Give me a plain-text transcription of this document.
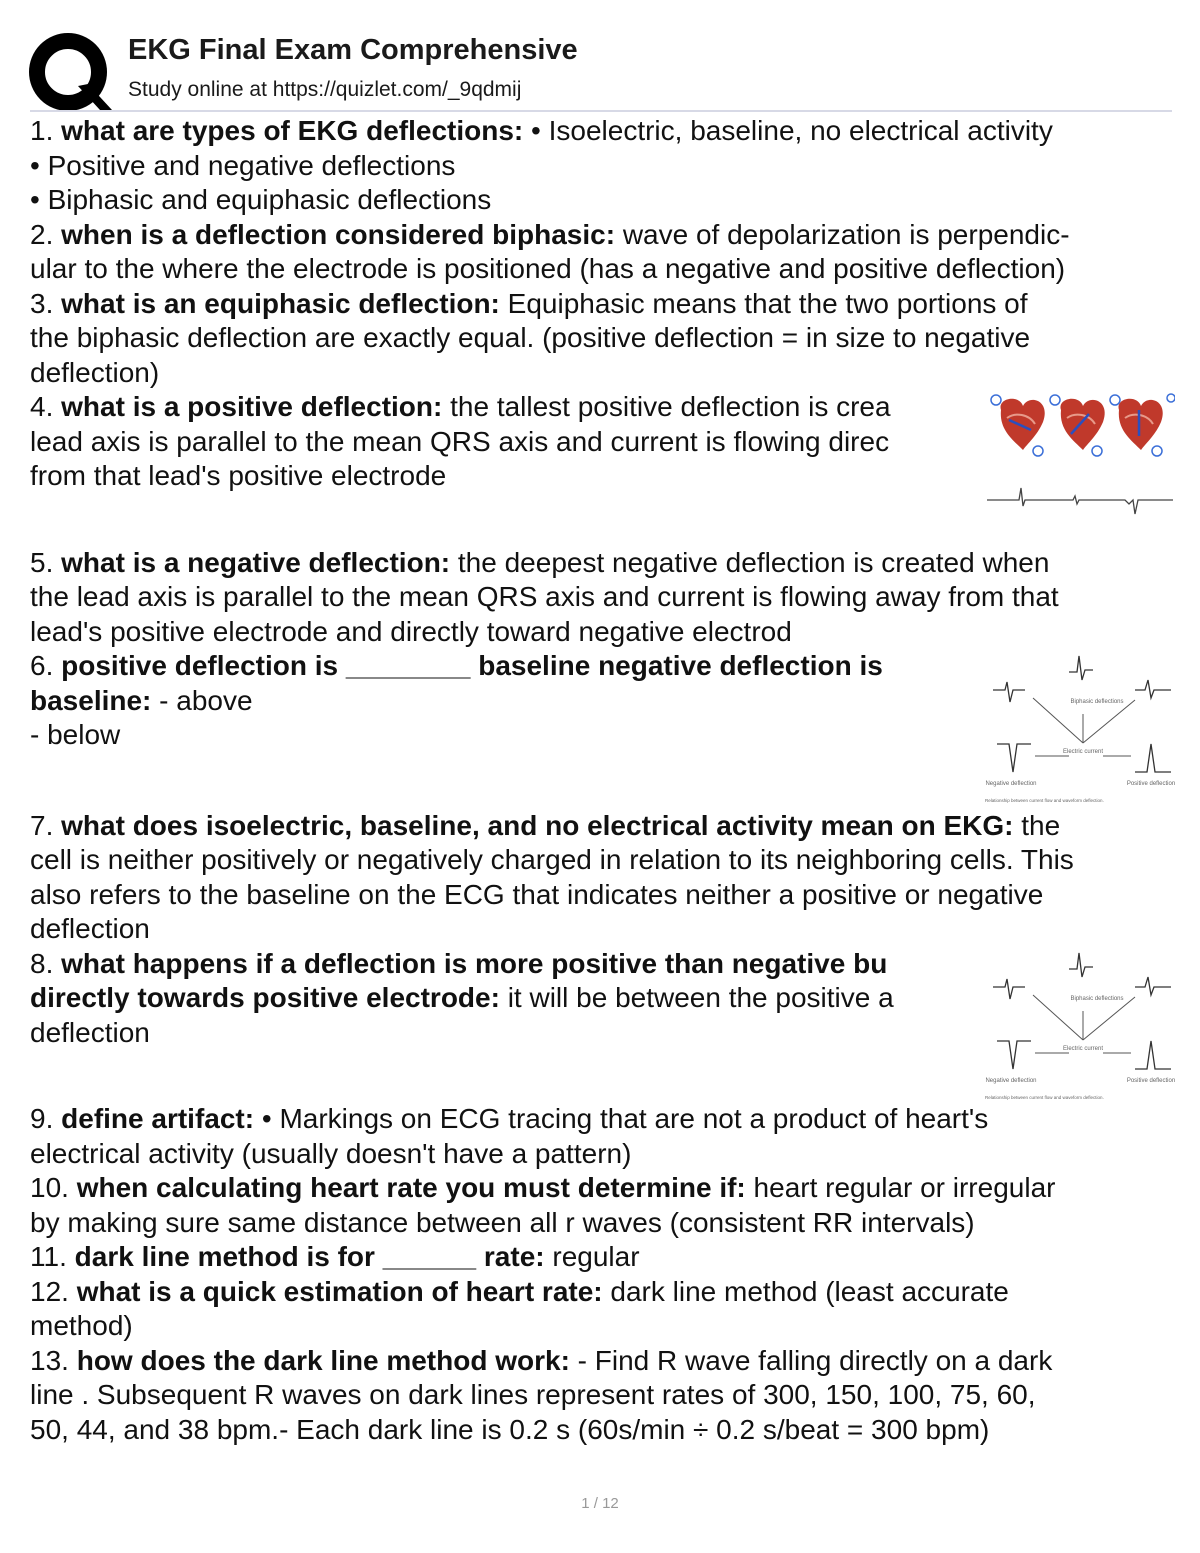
EKG Final Exam Comprehensive
Study online at https://quizlet.com/_9qdmij
1. what are types of EKG deflections: • Isoelectric, baseline, no electrical activity
• Positive and negative deflections
• Biphasic and equiphasic deflections
2. when is a deflection considered biphasic: wave of depolarization is perpendic-
ular to the where the electrode is positioned (has a negative and positive deflection)
3. what is an equiphasic deflection: Equiphasic means that the two portions of
the biphasic deflection are exactly equal. (positive deflection = in size to negative
deflection)
4. what is a positive deflection: the tallest positive deflection is crea
lead axis is parallel to the mean QRS axis and current is flowing direc
from that lead's positive electrode
5. what is a negative deflection: the deepest negative deflection is created when
the lead axis is parallel to the mean QRS axis and current is flowing away from that
lead's positive electrode and directly toward negative electrod
6. positive deflection is ________ baseline negative deflection is
baseline: - above
- below
7. what does isoelectric, baseline, and no electrical activity mean on EKG: the
cell is neither positively or negatively charged in relation to its neighboring cells. This
also refers to the baseline on the ECG that indicates neither a positive or negative
deflection
8. what happens if a deflection is more positive than negative bu
directly towards positive electrode: it will be between the positive a
deflection
9. define artifact: • Markings on ECG tracing that are not a product of heart's
electrical activity (usually doesn't have a pattern)
10. when calculating heart rate you must determine if: heart regular or irregular
by making sure same distance between all r waves (consistent RR intervals)
11. dark line method is for ______ rate: regular
12. what is a quick estimation of heart rate: dark line method (least accurate
method)
13. how does the dark line method work: - Find R wave falling directly on a dark
line . Subsequent R waves on dark lines represent rates of 300, 150, 100, 75, 60,
50, 44, and 38 bpm.- Each dark line is 0.2 s (60s/min ÷ 0.2 s/beat = 300 bpm)
Biphasic deflections
Electric current
Negative deflection	Positive deflection
Relationship between current flow and waveform deflection.
Biphasic deflections
Electric current
Negative deflection	Positive deflection
Relationship between current flow and waveform deflection.
1 / 12
